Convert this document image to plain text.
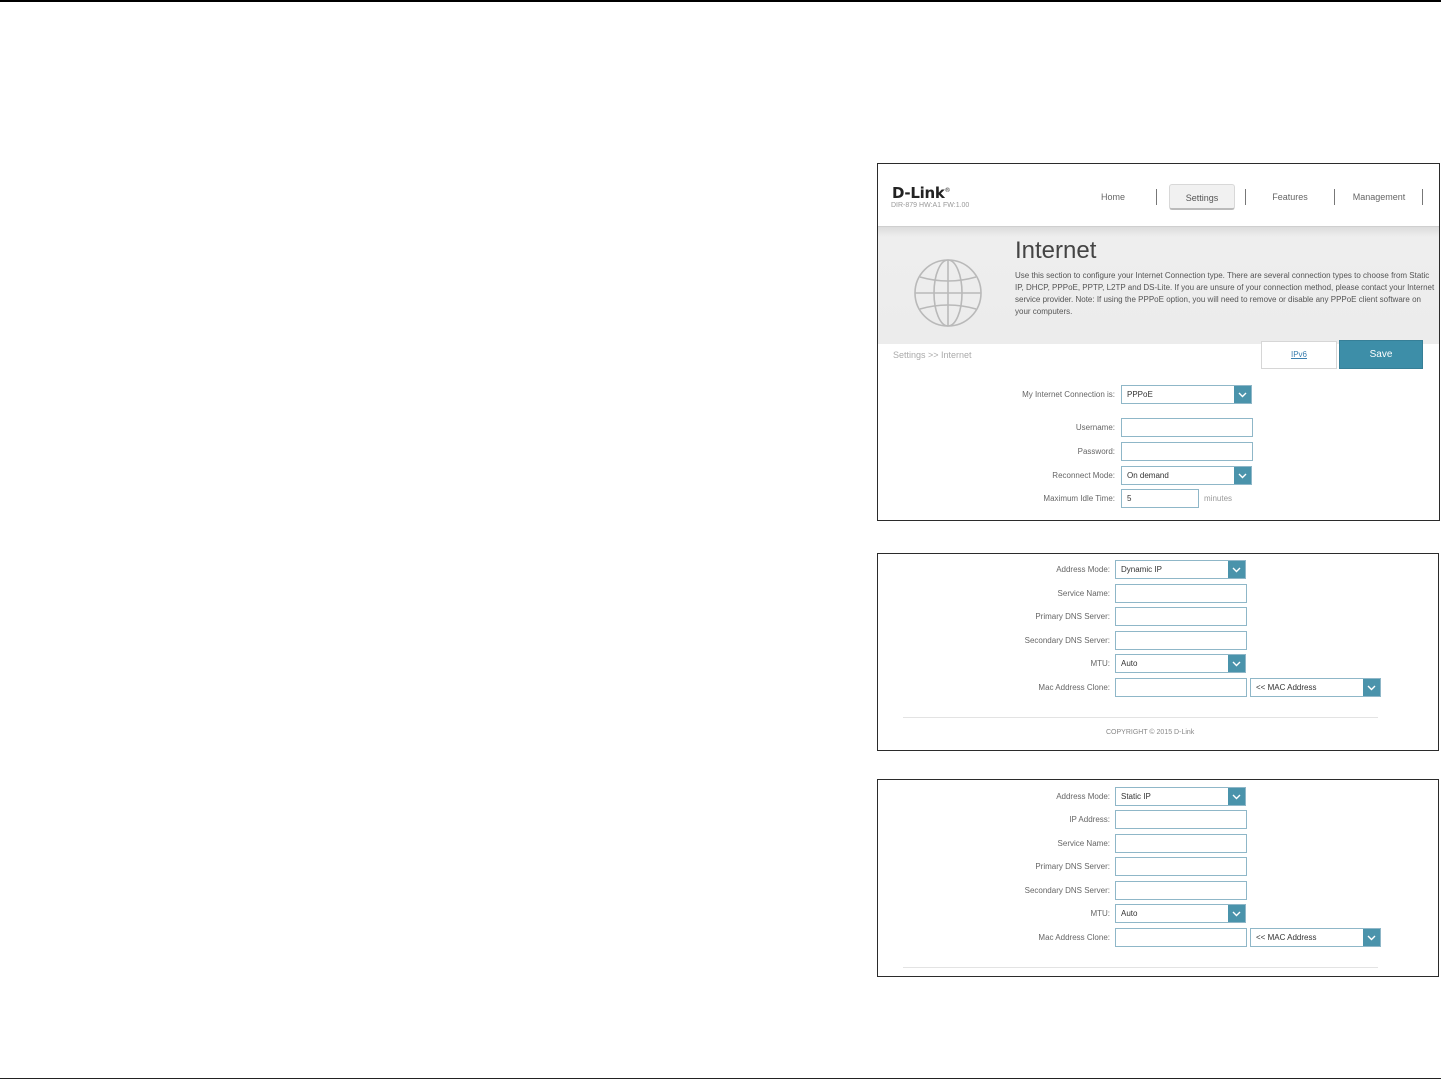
D-Link®
DIR-879 HW:A1 FW:1.00
Home	Settings	Features	Management
Internet
Use this section to configure your Internet Connection type. There are several connection types to choose from Static IP, DHCP, PPPoE, PPTP, L2TP and DS-Lite. If you are unsure of your connection method, please contact your Internet service provider. Note: If using the PPPoE option, you will need to remove or disable any PPPoE client software on your computers.
Settings >> Internet	IPv6	Save
My Internet Connection is: PPPoE
Username:
Password:
Reconnect Mode: On demand
Maximum Idle Time:	5	minutes
Address Mode: Dynamic IP
Service Name:
Primary DNS Server:
Secondary DNS Server:
MTU: Auto
Mac Address Clone:	<< MAC Address
COPYRIGHT © 2015 D-Link
Address Mode: Static IP
IP Address:
Service Name:
Primary DNS Server:
Secondary DNS Server:
MTU: Auto
Mac Address Clone:	<< MAC Address
